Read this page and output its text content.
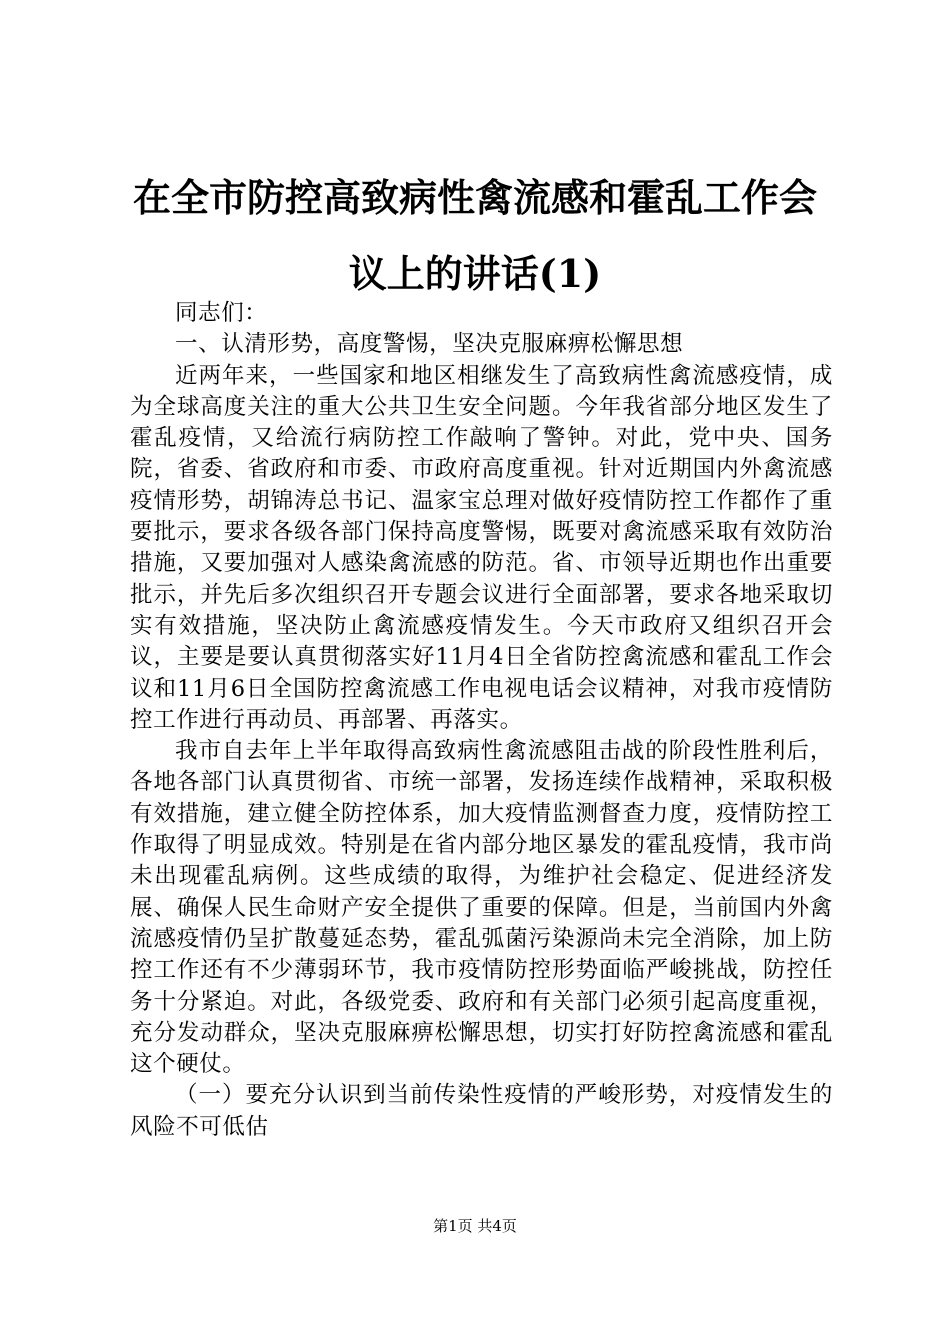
在全市防控高致病性禽流感和霍乱工作会议上的讲话(1)

同志们：

一、认清形势，高度警惕，坚决克服麻痹松懈思想

近两年来，一些国家和地区相继发生了高致病性禽流感疫情，成为全球高度关注的重大公共卫生安全问题。今年我省部分地区发生了霍乱疫情，又给流行病防控工作敲响了警钟。对此，党中央、国务院，省委、省政府和市委、市政府高度重视。针对近期国内外禽流感疫情形势，胡锦涛总书记、温家宝总理对做好疫情防控工作都作了重要批示，要求各级各部门保持高度警惕，既要对禽流感采取有效防治措施，又要加强对人感染禽流感的防范。省、市领导近期也作出重要批示，并先后多次组织召开专题会议进行全面部署，要求各地采取切实有效措施，坚决防止禽流感疫情发生。今天市政府又组织召开会议，主要是要认真贯彻落实好11月4日全省防控禽流感和霍乱工作会议和11月6日全国防控禽流感工作电视电话会议精神，对我市疫情防控工作进行再动员、再部署、再落实。

我市自去年上半年取得高致病性禽流感阻击战的阶段性胜利后，各地各部门认真贯彻省、市统一部署，发扬连续作战精神，采取积极有效措施，建立健全防控体系，加大疫情监测督查力度，疫情防控工作取得了明显成效。特别是在省内部分地区暴发的霍乱疫情，我市尚未出现霍乱病例。这些成绩的取得，为维护社会稳定、促进经济发展、确保人民生命财产安全提供了重要的保障。但是，当前国内外禽流感疫情仍呈扩散蔓延态势，霍乱弧菌污染源尚未完全消除，加上防控工作还有不少薄弱环节，我市疫情防控形势面临严峻挑战，防控任务十分紧迫。对此，各级党委、政府和有关部门必须引起高度重视，充分发动群众，坚决克服麻痹松懈思想，切实打好防控禽流感和霍乱这个硬仗。

（一）要充分认识到当前传染性疫情的严峻形势，对疫情发生的风险不可低估

第1页 共4页
